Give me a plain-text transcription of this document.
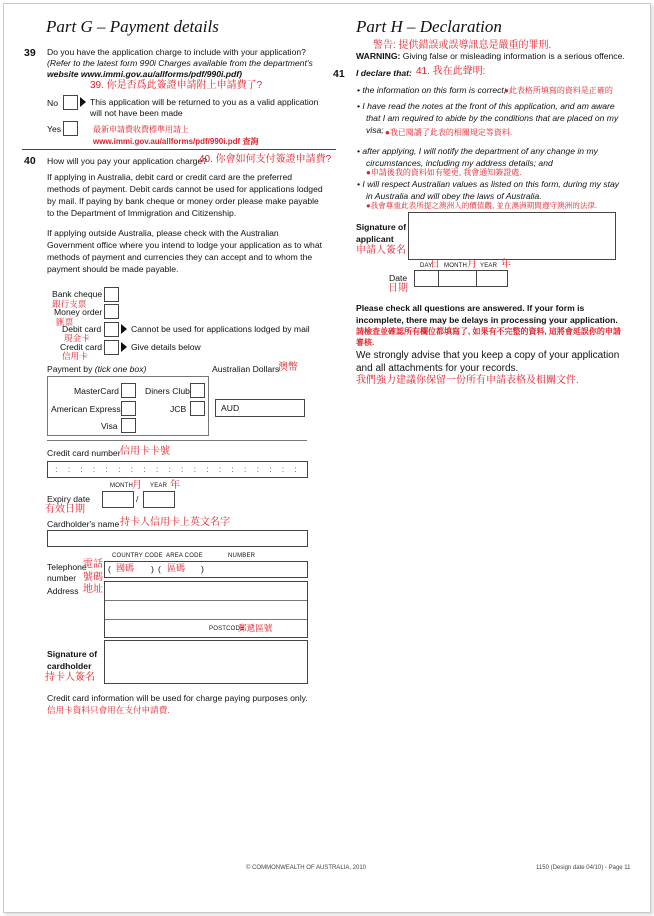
Part G – Payment details
39 Do you have the application charge to include with your application?
(Refer to the latest form 990i Charges available from the department's
website www.immi.gov.au/allforms/pdf/990i.pdf)
39. 你是否爲此簽證申請附上申請費了?
No	This application will be returned to you as a valid application
will not have been made
Yes	最新申請費收費標準用請上
www.immi.gov.au/allforms/pdf/990i.pdf 查詢
40 How will you pay your application charge?
40. 你會如何支付簽證申請費?
If applying in Australia, debit card or credit card are the preferred
methods of payment. Debit cards cannot be used for applications lodged
by mail. If paying by bank cheque or money order please make payable
to the Department of Immigration and Citizenship.
If applying outside Australia, please check with the Australian
Government office where you intend to lodge your application as to what
methods of payment and currencies they can accept and to whom the
payment should be made payable.
Bank cheque
銀行支票
Money order
匯票
Debit card	Cannot be used for applications lodged by mail
現金卡
Credit card	Give details below
信用卡
Payment by (tick one box)	Australian Dollars
澳幣
MasterCard	Diners Club
American Express	JCB
Visa
AUD
Credit card number 信用卡卡號
: : : : : : : : : : : : : : : : : : : :
MONTH 月 YEAR 年
/
Expiry date
有效日期
Cardholder's name 持卡人信用卡上英文名字
COUNTRY CODE AREA CODE	NUMBER
Telephone
電話
number 號碼
( 國碼 ) ( 區碼 )
Address 地址
POSTCODE
郵遞區號
Signature of
cardholder
持卡人簽名
Credit card information will be used for charge paying purposes only.
信用卡資料只會用在支付申請費.
Part H – Declaration
警告: 提供錯誤或誤導訊息是嚴重的罪刑.
WARNING: Giving false or misleading information is a serious offence.
41 I declare that: 41. 我在此聲明:
• the information on this form is correct;
●此表格所填寫的資料是正確的
• I have read the notes at the front of this application, and am aware
that I am required to abide by the conditions that are placed on my
visa; ●我已閱讀了此表的相關規定等資料.
• after applying, I will notify the department of any change in my
circumstances, including my address details; and
●申請後我的資料如有變更, 我會通知簽證處.
• I will respect Australian values as listed on this form, during my stay
in Australia and will obey the laws of Australia.
●我會尊重此表所提之澳洲人的價值觀, 並在澳洲期間遵守澳洲的法律.
Signature of
applicant
申請人簽名
DAY
日 MONTH 月 YEAR 年
Date
日期
Please check all questions are answered. If your form is
incomplete, there may be delays in processing your application.
請檢查並確認所有欄位都填寫了, 如果有不完整的資料, 這將會延誤你的申請
審核.
We strongly advise that you keep a copy of your application
and all attachments for your records.
我們強力建議你保留一份所有申請表格及相關文件.
© COMMONWEALTH OF AUSTRALIA, 2010	1150 (Design date 04/10) - Page 11
